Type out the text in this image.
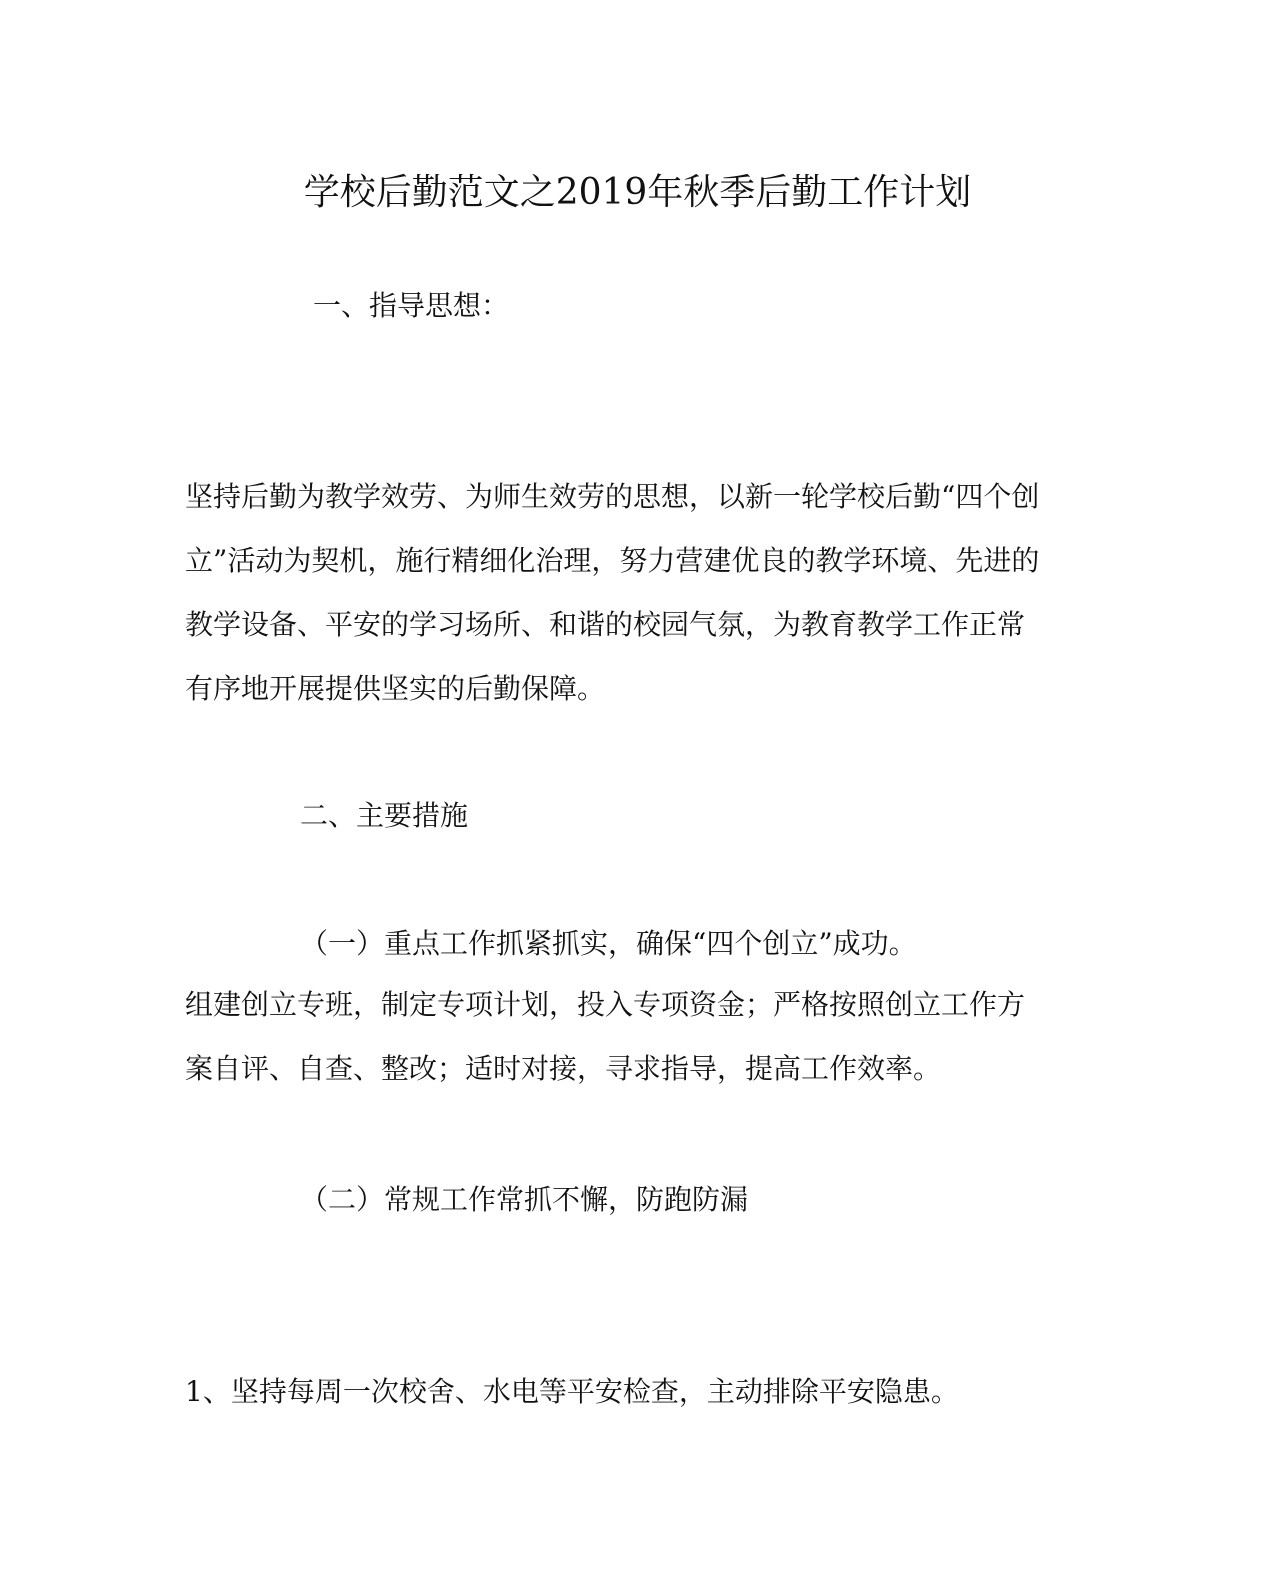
学校后勤范文之2019年秋季后勤工作计划
一、指导思想：
坚持后勤为教学效劳、为师生效劳的思想，以新一轮学校后勤“四个创
立”活动为契机，施行精细化治理，努力营建优良的教学环境、先进的
教学设备、平安的学习场所、和谐的校园气氛，为教育教学工作正常
有序地开展提供坚实的后勤保障。
二、主要措施
（一）重点工作抓紧抓实，确保“四个创立”成功。
组建创立专班，制定专项计划，投入专项资金；严格按照创立工作方
案自评、自查、整改；适时对接，寻求指导，提高工作效率。
（二）常规工作常抓不懈，防跑防漏
1、坚持每周一次校舍、水电等平安检查，主动排除平安隐患。
